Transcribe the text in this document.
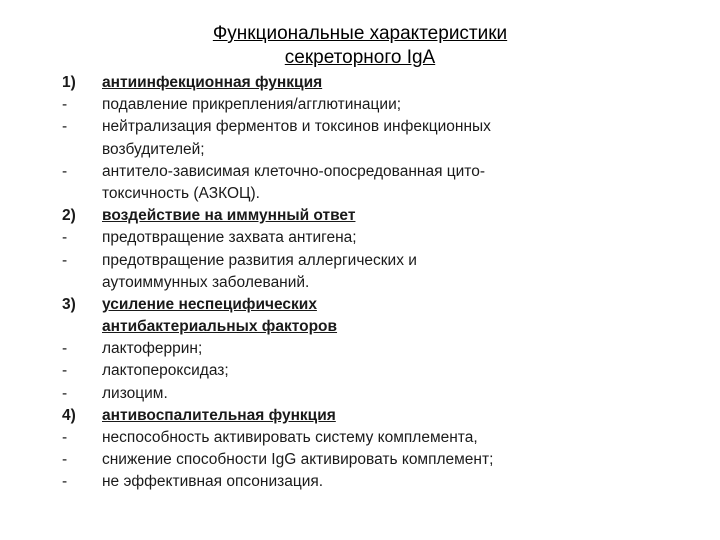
Функциональные характеристики
секреторного IgA
1) антиинфекционная функция
- подавление прикрепления/агглютинации;
- нейтрализация ферментов и токсинов инфекционных
возбудителей;
- антитело-зависимая клеточно-опосредованная цито-
токсичность (АЗКОЦ).
2) воздействие на иммунный ответ
- предотвращение захвата антигена;
- предотвращение развития аллергических и
аутоиммунных заболеваний.
3) усиление неспецифических
антибактериальных факторов
- лактоферрин;
- лактопероксидаз;
- лизоцим.
4) антивоспалительная функция
- неспособность активировать систему комплемента,
- снижение способности IgG активировать комплемент;
- не эффективная опсонизация.
